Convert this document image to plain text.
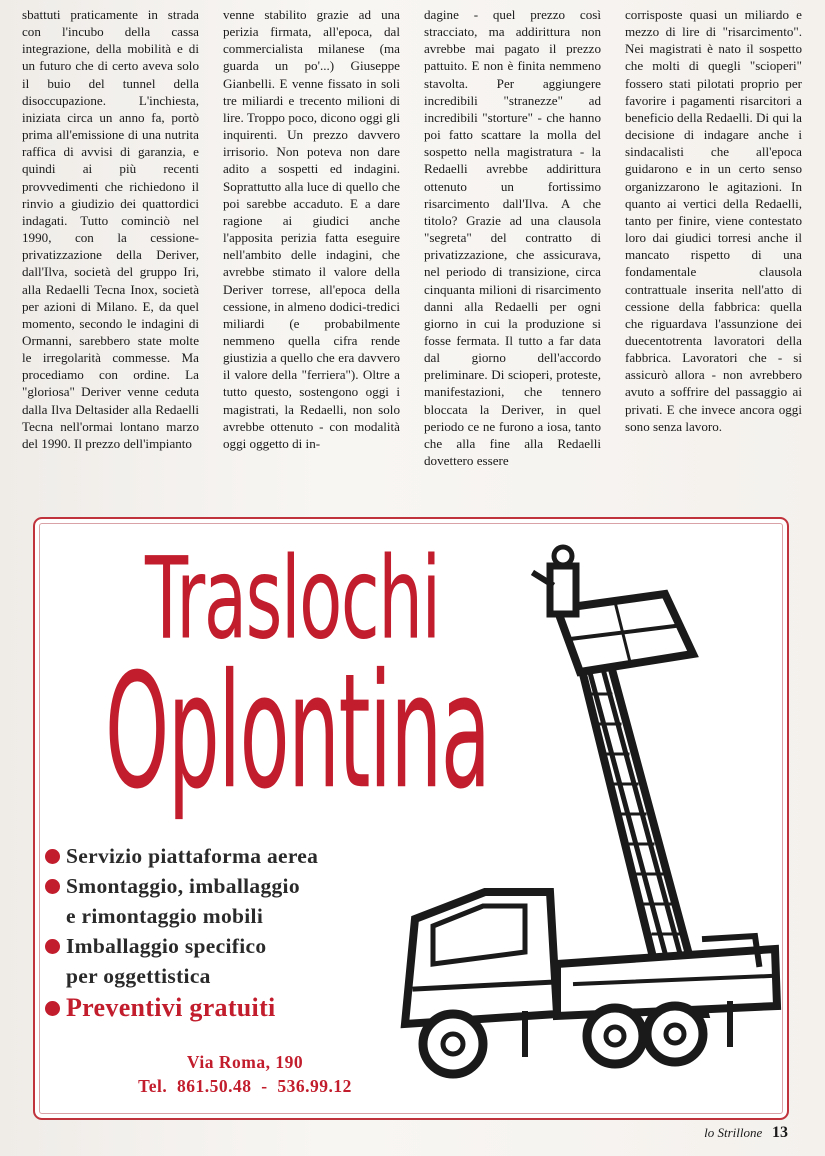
sbattuti praticamente in strada con l'incubo della cassa integrazione, della mobilità e di un futuro che di certo aveva solo il buio del tunnel della disoccupazione. L'inchiesta, iniziata circa un anno fa, portò prima all'emissione di una nutrita raffica di avvisi di garanzia, e quindi ai più recenti provvedimenti che richiedono il rinvio a giudizio dei quattordici indagati. Tutto cominciò nel 1990, con la cessione-privatizzazione della Deriver, dall'Ilva, società del gruppo Iri, alla Redaelli Tecna Inox, società per azioni di Milano. E, da quel momento, secondo le indagini di Ormanni, sarebbero state molte le irregolarità commesse. Ma procediamo con ordine. La "gloriosa" Deriver venne ceduta dalla Ilva Deltasider alla Redaelli Tecna nell'ormai lontano marzo del 1990. Il prezzo dell'impianto

venne stabilito grazie ad una perizia firmata, all'epoca, dal commercialista milanese (ma guarda un po'...) Giuseppe Gianbelli. E venne fissato in soli tre miliardi e trecento milioni di lire. Troppo poco, dicono oggi gli inquirenti. Un prezzo davvero irrisorio. Non poteva non dare adito a sospetti ed indagini. Soprattutto alla luce di quello che poi sarebbe accaduto. E a dare ragione ai giudici anche l'apposita perizia fatta eseguire nell'ambito delle indagini, che avrebbe stimato il valore della Deriver torrese, all'epoca della cessione, in almeno dodici-tredici miliardi (e probabilmente nemmeno quella cifra rende giustizia a quello che era davvero il valore della "ferriera"). Oltre a tutto questo, sostengono oggi i magistrati, la Redaelli, non solo avrebbe ottenuto - con modalità oggi oggetto di in-

dagine - quel prezzo così stracciato, ma addirittura non avrebbe mai pagato il prezzo pattuito. E non è finita nemmeno stavolta. Per aggiungere incredibili "stranezze" ad incredibili "storture" - che hanno poi fatto scattare la molla del sospetto nella magistratura - la Redaelli avrebbe addirittura ottenuto un fortissimo risarcimento dall'Ilva. A che titolo? Grazie ad una clausola "segreta" del contratto di privatizzazione, che assicurava, nel periodo di transizione, circa cinquanta milioni di risarcimento danni alla Redaelli per ogni giorno in cui la produzione si fosse fermata. Il tutto a far data dal giorno dell'accordo preliminare. Di scioperi, proteste, manifestazioni, che tennero bloccata la Deriver, in quel periodo ce ne furono a iosa, tanto che alla fine alla Redaelli dovettero essere

corrisposte quasi un miliardo e mezzo di lire di "risarcimento". Nei magistrati è nato il sospetto che molti di quegli "scioperi" fossero stati pilotati proprio per favorire i pagamenti risarcitori a beneficio della Redaelli. Di qui la decisione di indagare anche i sindacalisti che all'epoca guidarono e in un certo senso organizzarono le agitazioni. In quanto ai vertici della Redaelli, tanto per finire, viene contestato loro dai giudici torresi anche il mancato rispetto di una fondamentale clausola contrattuale inserita nell'atto di cessione della fabbrica: quella che riguardava l'assunzione dei duecentotrenta lavoratori della fabbrica. Lavoratori che - si assicurò allora - non avrebbero avuto a soffrire del passaggio ai privati. E che invece ancora oggi sono senza lavoro.

Traslochi
Oplontina
Servizio piattaforma aerea
Smontaggio, imballaggio
e rimontaggio mobili
Imballaggio specifico
per oggettistica
Preventivi gratuiti
Via Roma, 190
Tel.  861.50.48  -  536.99.12
lo Strillone 13
